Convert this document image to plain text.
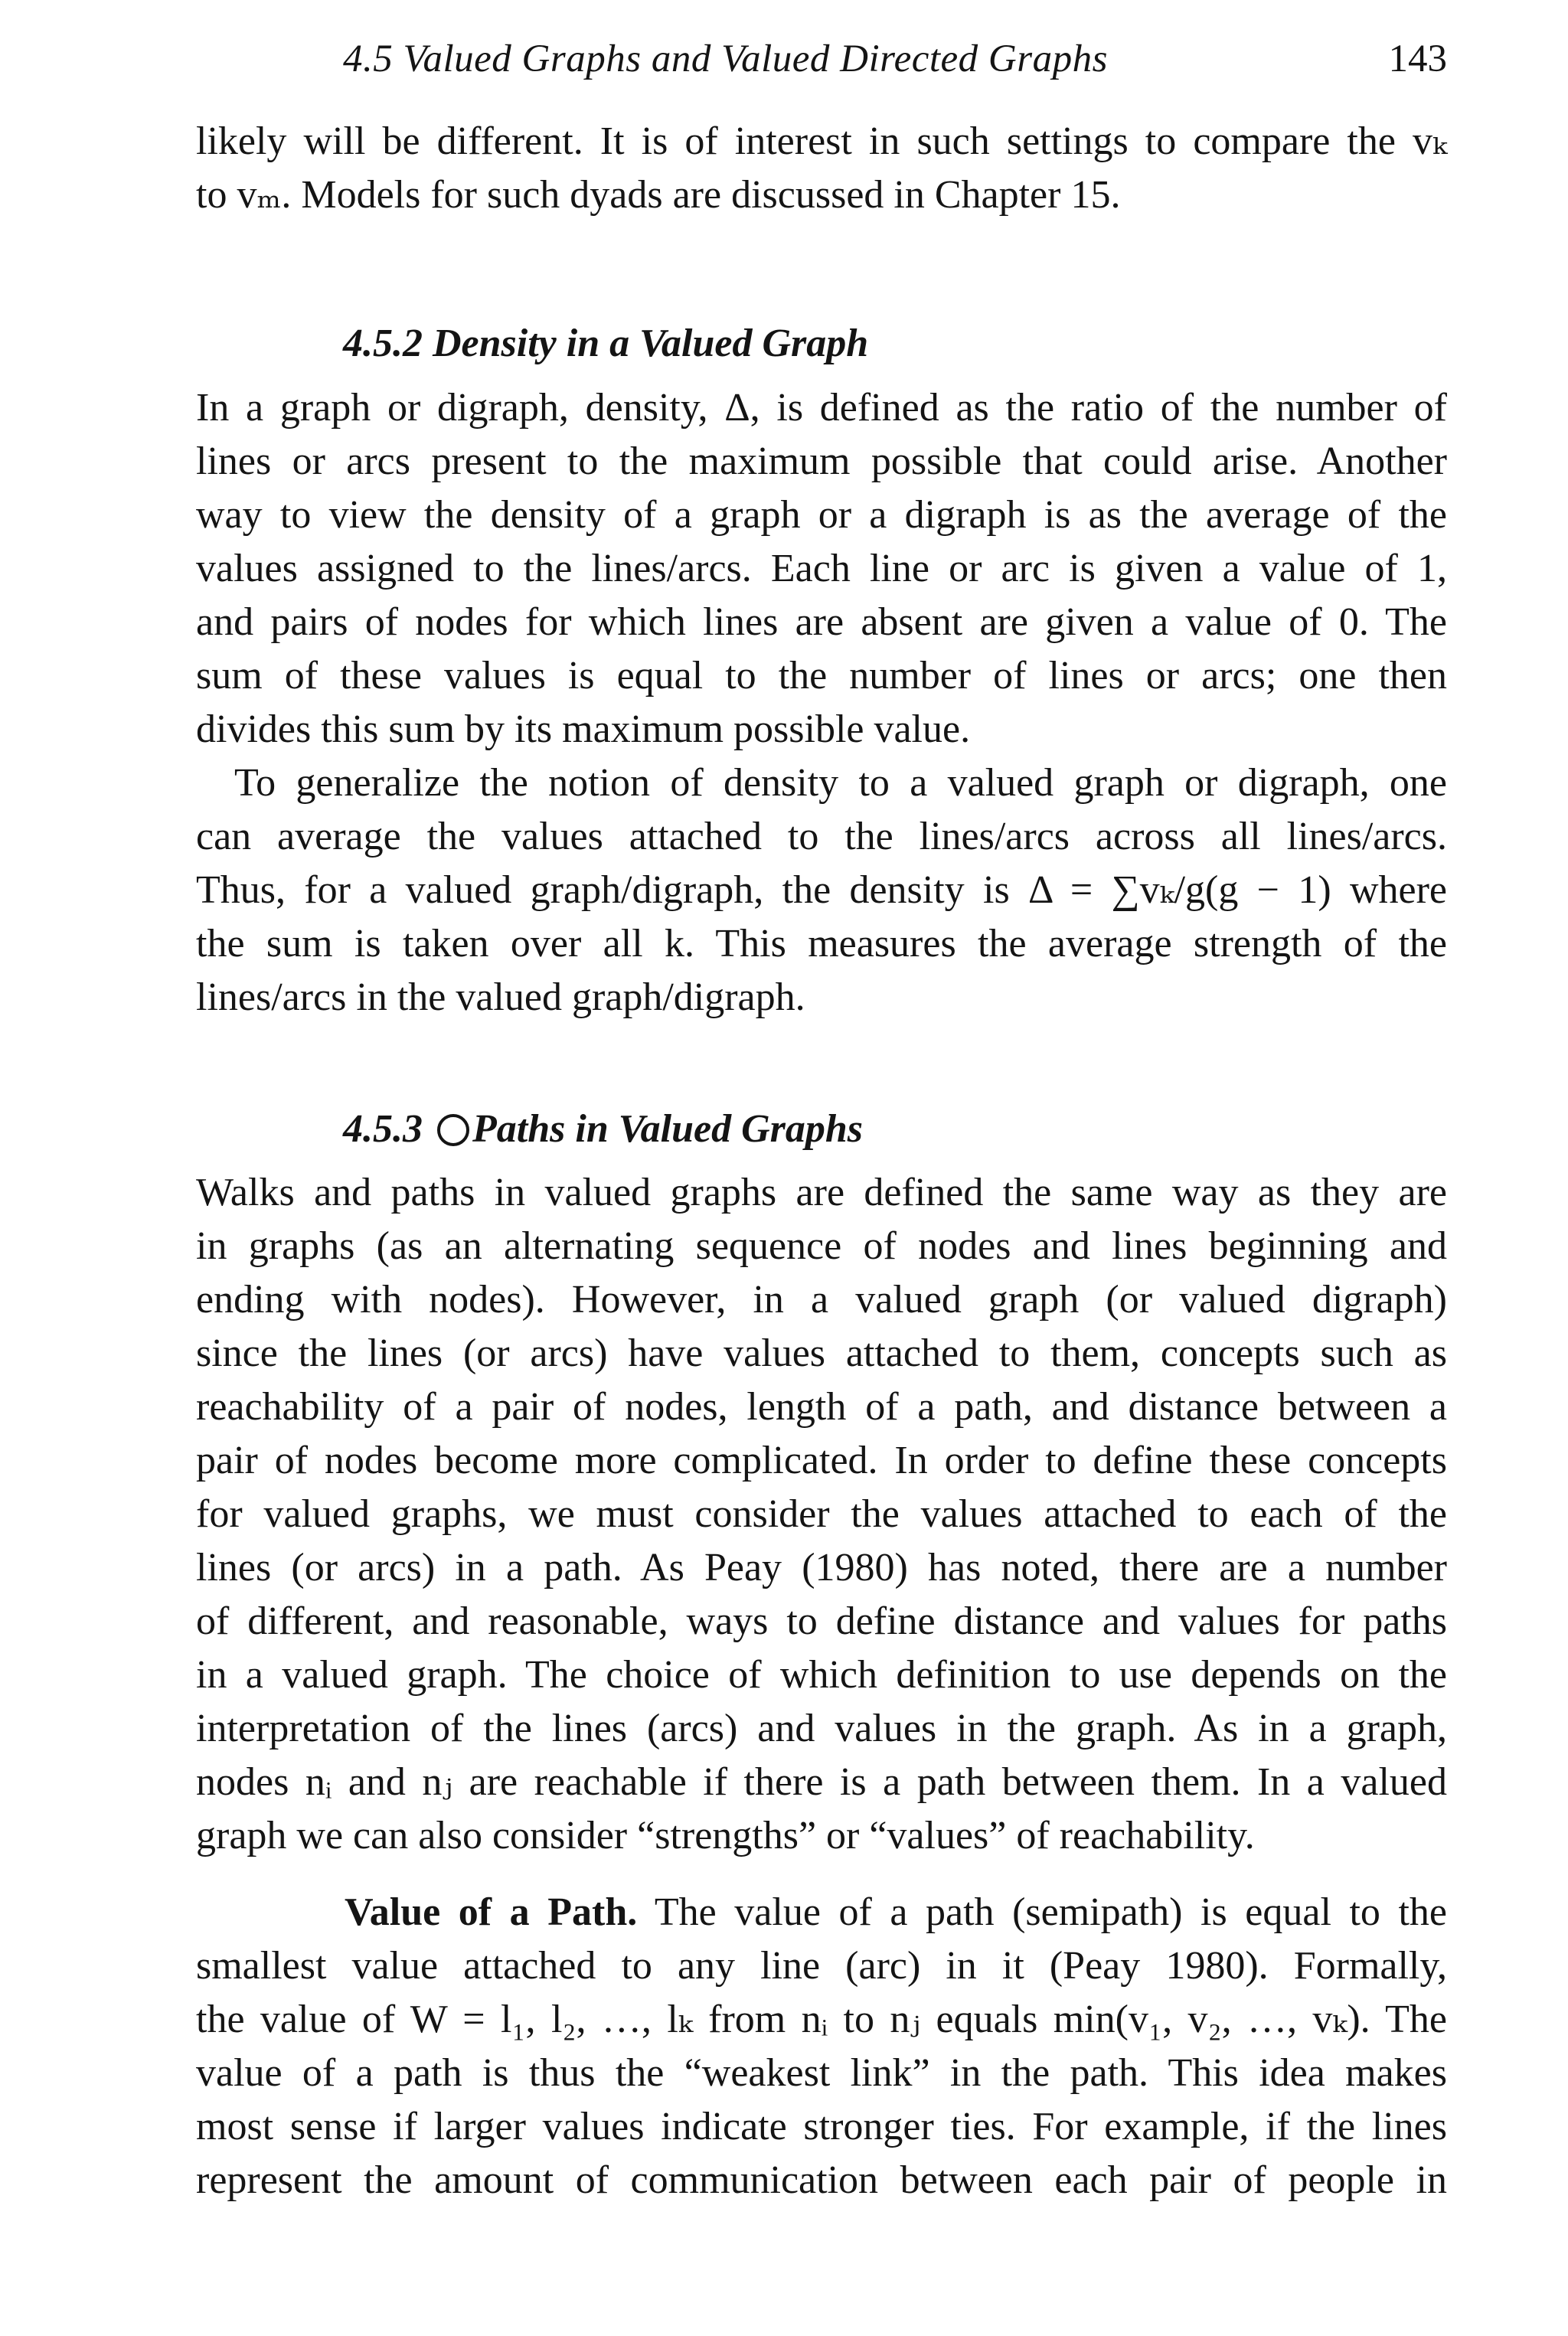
4.5 Valued Graphs and Valued Directed Graphs	143
likely will be different. It is of interest in such settings to compare the vₖ
to vₘ. Models for such dyads are discussed in Chapter 15.
4.5.2 Density in a Valued Graph
In a graph or digraph, density, Δ, is defined as the ratio of the number of
lines or arcs present to the maximum possible that could arise. Another
way to view the density of a graph or a digraph is as the average of the
values assigned to the lines/arcs. Each line or arc is given a value of 1,
and pairs of nodes for which lines are absent are given a value of 0. The
sum of these values is equal to the number of lines or arcs; one then
divides this sum by its maximum possible value.
To generalize the notion of density to a valued graph or digraph, one
can average the values attached to the lines/arcs across all lines/arcs.
Thus, for a valued graph/digraph, the density is Δ = ∑vₖ/g(g − 1) where
the sum is taken over all k. This measures the average strength of the
lines/arcs in the valued graph/digraph.
4.5.3 Paths in Valued Graphs
Walks and paths in valued graphs are defined the same way as they are
in graphs (as an alternating sequence of nodes and lines beginning and
ending with nodes). However, in a valued graph (or valued digraph)
since the lines (or arcs) have values attached to them, concepts such as
reachability of a pair of nodes, length of a path, and distance between a
pair of nodes become more complicated. In order to define these concepts
for valued graphs, we must consider the values attached to each of the
lines (or arcs) in a path. As Peay (1980) has noted, there are a number
of different, and reasonable, ways to define distance and values for paths
in a valued graph. The choice of which definition to use depends on the
interpretation of the lines (arcs) and values in the graph. As in a graph,
nodes nᵢ and nⱼ are reachable if there is a path between them. In a valued
graph we can also consider “strengths” or “values” of reachability.
Value of a Path. The value of a path (semipath) is equal to the
smallest value attached to any line (arc) in it (Peay 1980). Formally,
the value of W = l₁, l₂, …, lₖ from nᵢ to nⱼ equals min(v₁, v₂, …, vₖ). The
value of a path is thus the “weakest link” in the path. This idea makes
most sense if larger values indicate stronger ties. For example, if the lines
represent the amount of communication between each pair of people in
